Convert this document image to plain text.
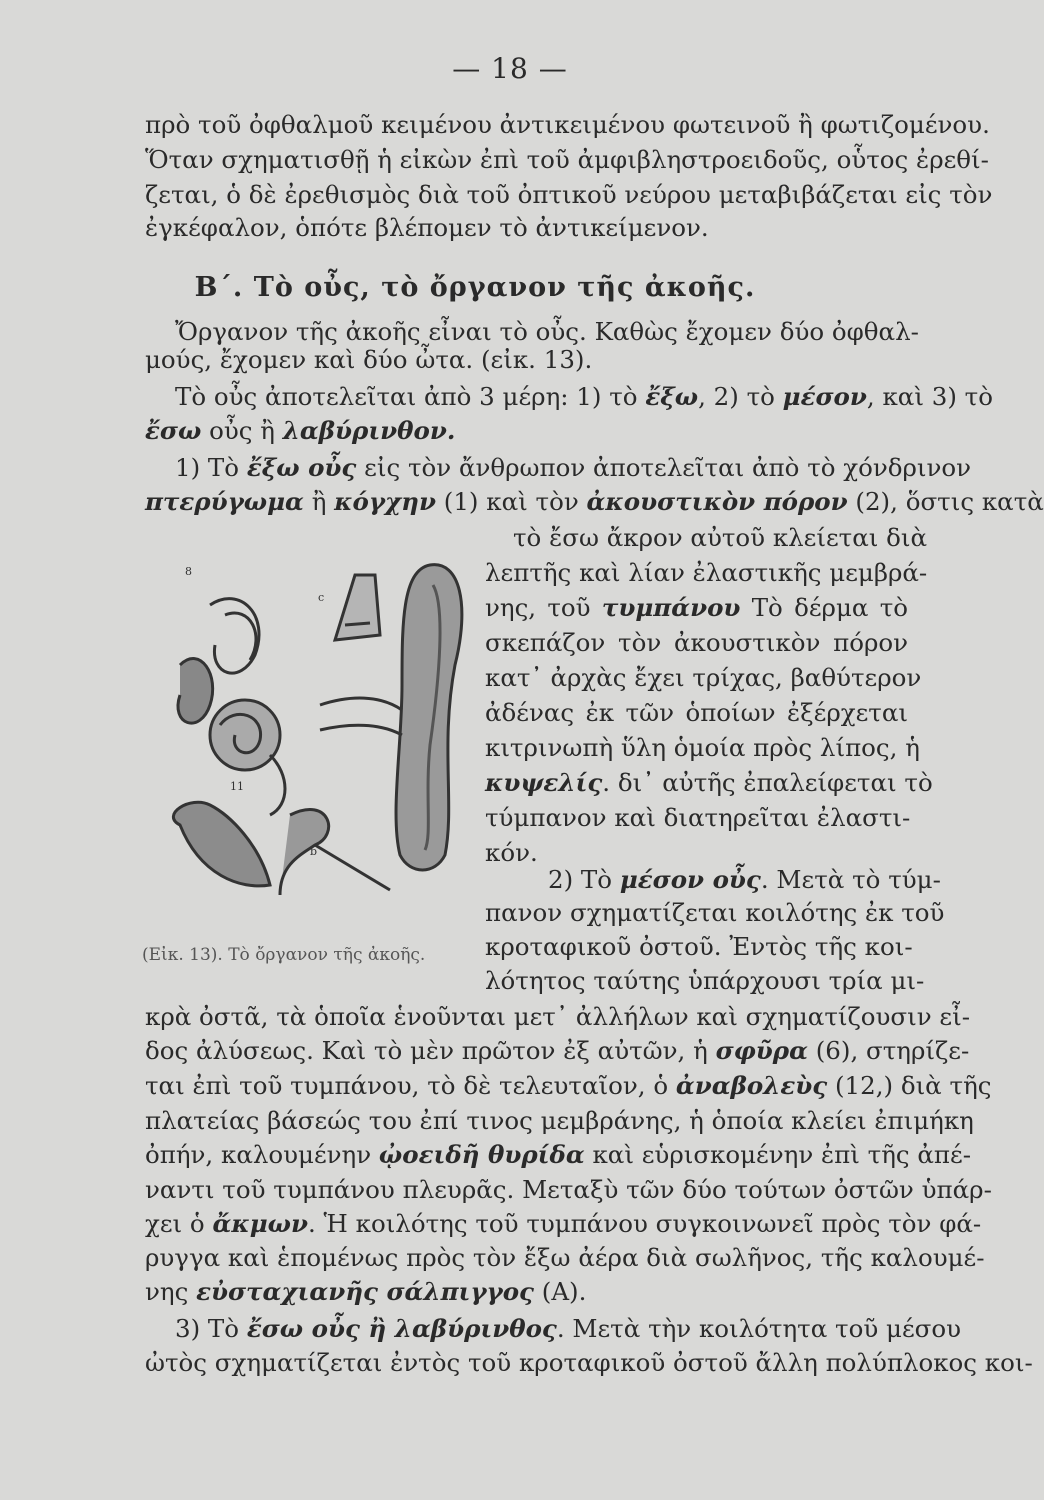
— 18 —
πρὸ τοῦ ὀφθαλμοῦ κειμένου ἀντικειμένου φωτεινοῦ ἢ φωτιζομένου.
Ὅταν σχηματισθῇ ἡ εἰκὼν ἐπὶ τοῦ ἀμφιβληστροειδοῦς, οὗτος ἐρεθί-
ζεται, ὁ δὲ ἐρεθισμὸς διὰ τοῦ ὀπτικοῦ νεύρου μεταβιβάζεται εἰς τὸν
ἐγκέφαλον, ὁπότε βλέπομεν τὸ ἀντικείμενον.
Β΄. Τὸ οὖς, τὸ ὄργανον τῆς ἀκοῆς.
Ὄργανον τῆς ἀκοῆς εἶναι τὸ οὖς. Καθὼς ἔχομεν δύο ὀφθαλ-
μούς, ἔχομεν καὶ δύο ὦτα. (εἰκ. 13).
Τὸ οὖς ἀποτελεῖται ἀπὸ 3 μέρη: 1) τὸ ἔξω, 2) τὸ μέσον, καὶ 3) τὸ
ἔσω οὖς ἢ λαβύρινθον.
1) Τὸ ἔξω οὖς εἰς τὸν ἄνθρωπον ἀποτελεῖται ἀπὸ τὸ χόνδρινον
πτερύγωμα ἢ κόγχην (1) καὶ τὸν ἀκουστικὸν πόρον (2), ὅστις κατὰ
τὸ ἔσω ἄκρον αὐτοῦ κλείεται διὰ
λεπτῆς καὶ λίαν ἐλαστικῆς μεμβρά-
νης, τοῦ τυμπάνου Τὸ δέρμα τὸ
σκεπάζον τὸν ἀκουστικὸν πόρον
κατ᾽ ἀρχὰς ἔχει τρίχας, βαθύτερον
ἀδένας ἐκ τῶν ὁποίων ἐξέρχεται
κιτρινωπὴ ὕλη ὁμοία πρὸς λίπος, ἡ
κυψελίς. δι᾽ αὐτῆς ἐπαλείφεται τὸ
τύμπανον καὶ διατηρεῖται ἐλαστι-
κόν.
2) Τὸ μέσον οὖς. Μετὰ τὸ τύμ-
πανον σχηματίζεται κοιλότης ἐκ τοῦ
κροταφικοῦ ὀστοῦ. Ἐντὸς τῆς κοι-
λότητος ταύτης ὑπάρχουσι τρία μι-
8
c
11
b
(Εἰκ. 13). Τὸ ὄργανον τῆς ἀκοῆς.
κρὰ ὀστᾶ, τὰ ὁποῖα ἑνοῦνται μετ᾽ ἀλλήλων καὶ σχηματίζουσιν εἶ-
δος ἀλύσεως. Καὶ τὸ μὲν πρῶτον ἐξ αὐτῶν, ἡ σφῦρα (6), στηρίζε-
ται ἐπὶ τοῦ τυμπάνου, τὸ δὲ τελευταῖον, ὁ ἀναβολεὺς (12,) διὰ τῆς
πλατείας βάσεώς του ἐπί τινος μεμβράνης, ἡ ὁποία κλείει ἐπιμήκη
ὀπήν, καλουμένην ᾠοειδῆ θυρίδα καὶ εὑρισκομένην ἐπὶ τῆς ἀπέ-
ναντι τοῦ τυμπάνου πλευρᾶς. Μεταξὺ τῶν δύο τούτων ὀστῶν ὑπάρ-
χει ὁ ἄκμων. Ἡ κοιλότης τοῦ τυμπάνου συγκοινωνεῖ πρὸς τὸν φά-
ρυγγα καὶ ἑπομένως πρὸς τὸν ἔξω ἀέρα διὰ σωλῆνος, τῆς καλουμέ-
νης εὐσταχιανῆς σάλπιγγος (Α).
3) Τὸ ἔσω οὖς ἢ λαβύρινθος. Μετὰ τὴν κοιλότητα τοῦ μέσου
ὠτὸς σχηματίζεται ἐντὸς τοῦ κροταφικοῦ ὀστοῦ ἄλλη πολύπλοκος κοι-
